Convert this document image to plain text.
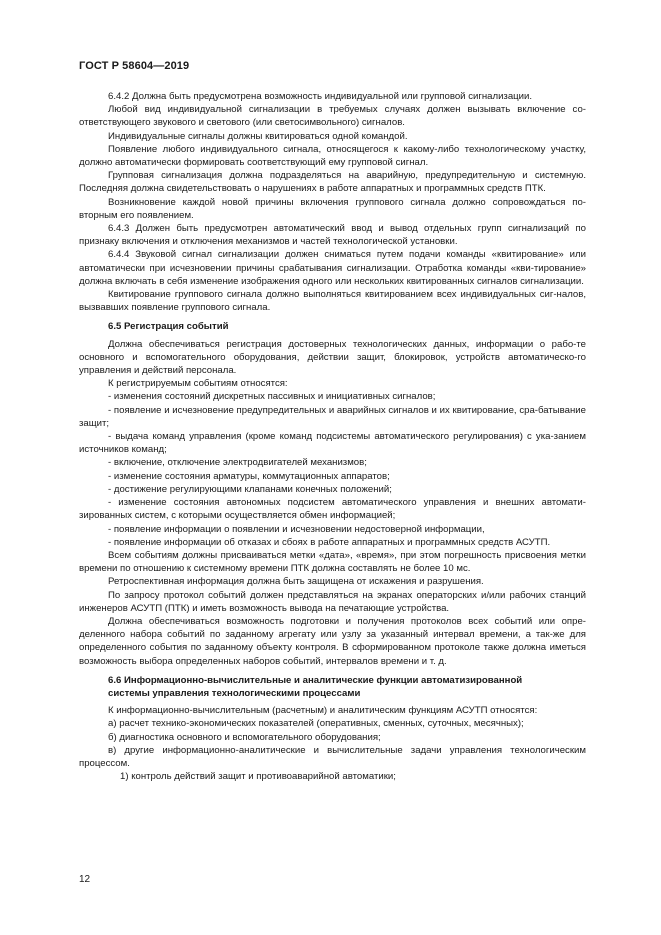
ГОСТ Р 58604—2019

6.4.2 Должна быть предусмотрена возможность индивидуальной или групповой сигнализации.

Любой вид индивидуальной сигнализации в требуемых случаях должен вызывать включение со-ответствующего звукового и светового (или светосимвольного) сигналов.

Индивидуальные сигналы должны квитироваться одной командой.

Появление любого индивидуального сигнала, относящегося к какому-либо технологическому участку, должно автоматически формировать соответствующий ему групповой сигнал.

Групповая сигнализация должна подразделяться на аварийную, предупредительную и системную. Последняя должна свидетельствовать о нарушениях в работе аппаратных и программных средств ПТК.

Возникновение каждой новой причины включения группового сигнала должно сопровождаться по-вторным его появлением.

6.4.3 Должен быть предусмотрен автоматический ввод и вывод отдельных групп сигнализаций по признаку включения и отключения механизмов и частей технологической установки.

6.4.4 Звуковой сигнал сигнализации должен сниматься путем подачи команды «квитирование» или автоматически при исчезновении причины срабатывания сигнализации. Отработка команды «кви-тирование» должна включать в себя изменение изображения одного или нескольких квитированных сигналов сигнализации.

Квитирование группового сигнала должно выполняться квитированием всех индивидуальных сиг-налов, вызвавших появление группового сигнала.

6.5 Регистрация событий

Должна обеспечиваться регистрация достоверных технологических данных, информации о рабо-те основного и вспомогательного оборудования, действии защит, блокировок, устройств автоматическо-го управления и действий персонала.

К регистрируемым событиям относятся:

- изменения состояний дискретных пассивных и инициативных сигналов;

- появление и исчезновение предупредительных и аварийных сигналов и их квитирование, сра-батывание защит;

- выдача команд управления (кроме команд подсистемы автоматического регулирования) с ука-занием источников команд;

- включение, отключение электродвигателей механизмов;

- изменение состояния арматуры, коммутационных аппаратов;

- достижение регулирующими клапанами конечных положений;

- изменение состояния автономных подсистем автоматического управления и внешних автомати-зированных систем, с которыми осуществляется обмен информацией;

- появление информации о появлении и исчезновении недостоверной информации,

- появление информации об отказах и сбоях в работе аппаратных и программных средств АСУТП.

Всем событиям должны присваиваться метки «дата», «время», при этом погрешность присвоения метки времени по отношению к системному времени ПТК должна составлять не более 10 мс.

Ретроспективная информация должна быть защищена от искажения и разрушения.

По запросу протокол событий должен представляться на экранах операторских и/или рабочих станций инженеров АСУТП (ПТК) и иметь возможность вывода на печатающие устройства.

Должна обеспечиваться возможность подготовки и получения протоколов всех событий или опре-деленного набора событий по заданному агрегату или узлу за указанный интервал времени, а так-же для определенного события по заданному объекту контроля. В сформированном протоколе также должна иметься возможность выбора определенных наборов событий, интервалов времени и т. д.

6.6 Информационно-вычислительные и аналитические функции автоматизированной
системы управления технологическими процессами

К информационно-вычислительным (расчетным) и аналитическим функциям АСУТП относятся:

а) расчет технико-экономических показателей (оперативных, сменных, суточных, месячных);

б) диагностика основного и вспомогательного оборудования;

в) другие информационно-аналитические и вычислительные задачи управления технологическим процессом.

1) контроль действий защит и противоаварийной автоматики;

12
